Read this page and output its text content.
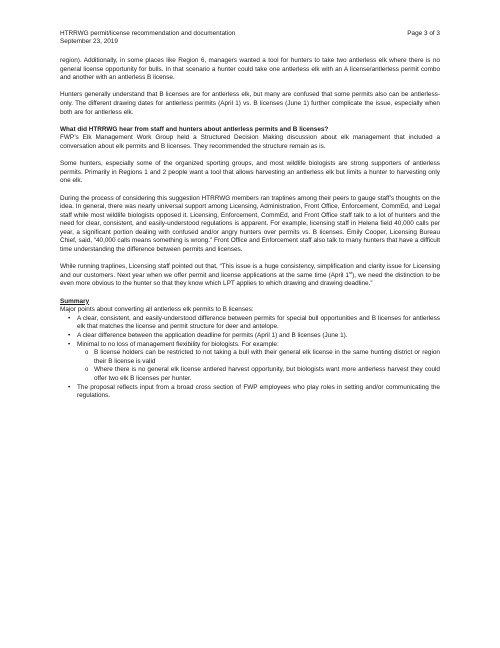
HTRRWG permit/license recommendation and documentation
September 23, 2019
Page 3 of 3

region). Additionally, in some places like Region 6, managers wanted a tool for hunters to take two antlerless elk where there is no general license opportunity for bulls. In that scenario a hunter could take one antlerless elk with an A license/antlerless permit combo and another with an antlerless B license.

Hunters generally understand that B licenses are for antlerless elk, but many are confused that some permits also can be antlerless-only. The different drawing dates for antlerless permits (April 1) vs. B licenses (June 1) further complicate the issue, especially when both are for antlerless elk.

What did HTRRWG hear from staff and hunters about antlerless permits and B licenses?

FWP’s Elk Management Work Group held a Structured Decision Making discussion about elk management that included a conversation about elk permits and B licenses. They recommended the structure remain as is.

Some hunters, especially some of the organized sporting groups, and most wildlife biologists are strong supporters of antlerless permits. Primarily in Regions 1 and 2 people want a tool that allows harvesting an antlerless elk but limits a hunter to harvesting only one elk.

During the process of considering this suggestion HTRRWG members ran traplines among their peers to gauge staff’s thoughts on the idea. In general, there was nearly universal support among Licensing, Administration, Front Office, Enforcement, CommEd, and Legal staff while most wildlife biologists opposed it. Licensing, Enforcement, CommEd, and Front Office staff talk to a lot of hunters and the need for clear, consistent, and easily-understood regulations is apparent. For example, licensing staff in Helena field 40,000 calls per year, a significant portion dealing with confused and/or angry hunters over permits vs. B licenses. Emily Cooper, Licensing Bureau Chief, said, “40,000 calls means something is wrong.” Front Office and Enforcement staff also talk to many hunters that have a difficult time understanding the difference between permits and licenses.

While running traplines, Licensing staff pointed out that, “This issue is a huge consistency, simplification and clarity issue for Licensing and our customers. Next year when we offer permit and license applications at the same time (April 1st), we need the distinction to be even more obvious to the hunter so that they know which LPT applies to which drawing and drawing deadline.”

Summary
Major points about converting all antlerless elk permits to B licenses:
• A clear, consistent, and easily-understood difference between permits for special bull opportunities and B licenses for antlerless elk that matches the license and permit structure for deer and antelope.
• A clear difference between the application deadline for permits (April 1) and B licenses (June 1).
• Minimal to no loss of management flexibility for biologists. For example:
o B license holders can be restricted to not taking a bull with their general elk license in the same hunting district or region their B license is valid
o Where there is no general elk license antlered harvest opportunity, but biologists want more antlerless harvest they could offer two elk B licenses per hunter.
• The proposal reflects input from a broad cross section of FWP employees who play roles in setting and/or communicating the regulations.
